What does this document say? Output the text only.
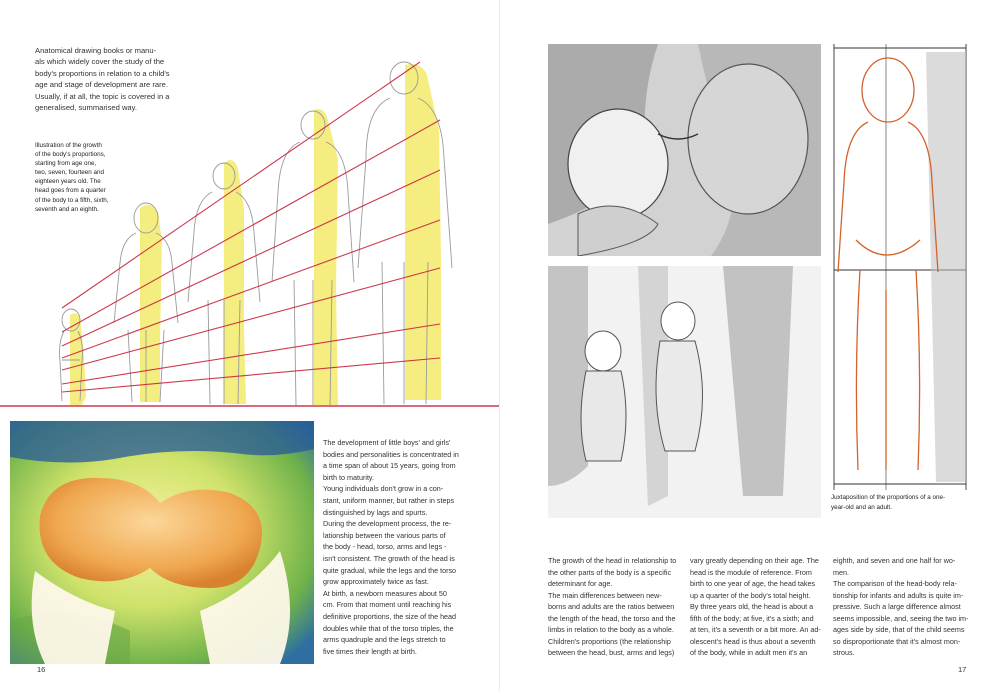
Anatomical drawing books or manu-
als which widely cover the study of the
body's proportions in relation to a child's
age and stage of development are rare.
Usually, if at all, the topic is covered in a
generalised, summarised way.
Illustration of the growth
of the body's proportions,
starting from age one,
two, seven, fourteen and
eighteen years old. The
head goes from a quarter
of the body to a fifth, sixth,
seventh and an eighth.
The development of little boys' and girls'
bodies and personalities is concentrated in
a time span of about 15 years, going from
birth to maturity.
Young individuals don't grow in a con-
stant, uniform manner, but rather in steps
distinguished by lags and spurts.
During the development process, the re-
lationship between the various parts of
the body - head, torso, arms and legs -
isn't consistent. The growth of the head is
quite gradual, while the legs and the torso
grow approximately twice as fast.
At birth, a newborn measures about 50
cm. From that moment until reaching his
definitive proportions, the size of the head
doubles while that of the torso triples, the
arms quadruple and the legs stretch to
five times their length at birth.
16
Juxtaposition of the proportions of a one-
year-old and an adult.
The growth of the head in relationship to
the other parts of the body is a specific
determinant for age.
The main differences between new-
borns and adults are the ratios between
the length of the head, the torso and the
limbs in relation to the body as a whole.
Children's proportions (the relationship
between the head, bust, arms and legs)
vary greatly depending on their age. The
head is the module of reference. From
birth to one year of age, the head takes
up a quarter of the body's total height.
By three years old, the head is about a
fifth of the body; at five, it's a sixth; and
at ten, it's a seventh or a bit more. An ad-
olescent's head is thus about a seventh
of the body, while in adult men it's an
eighth, and seven and one half for wo-
men.
The comparison of the head-body rela-
tionship for infants and adults is quite im-
pressive. Such a large difference almost
seems impossible, and, seeing the two im-
ages side by side, that of the child seems
so disproportionate that it's almost mon-
strous.
17
